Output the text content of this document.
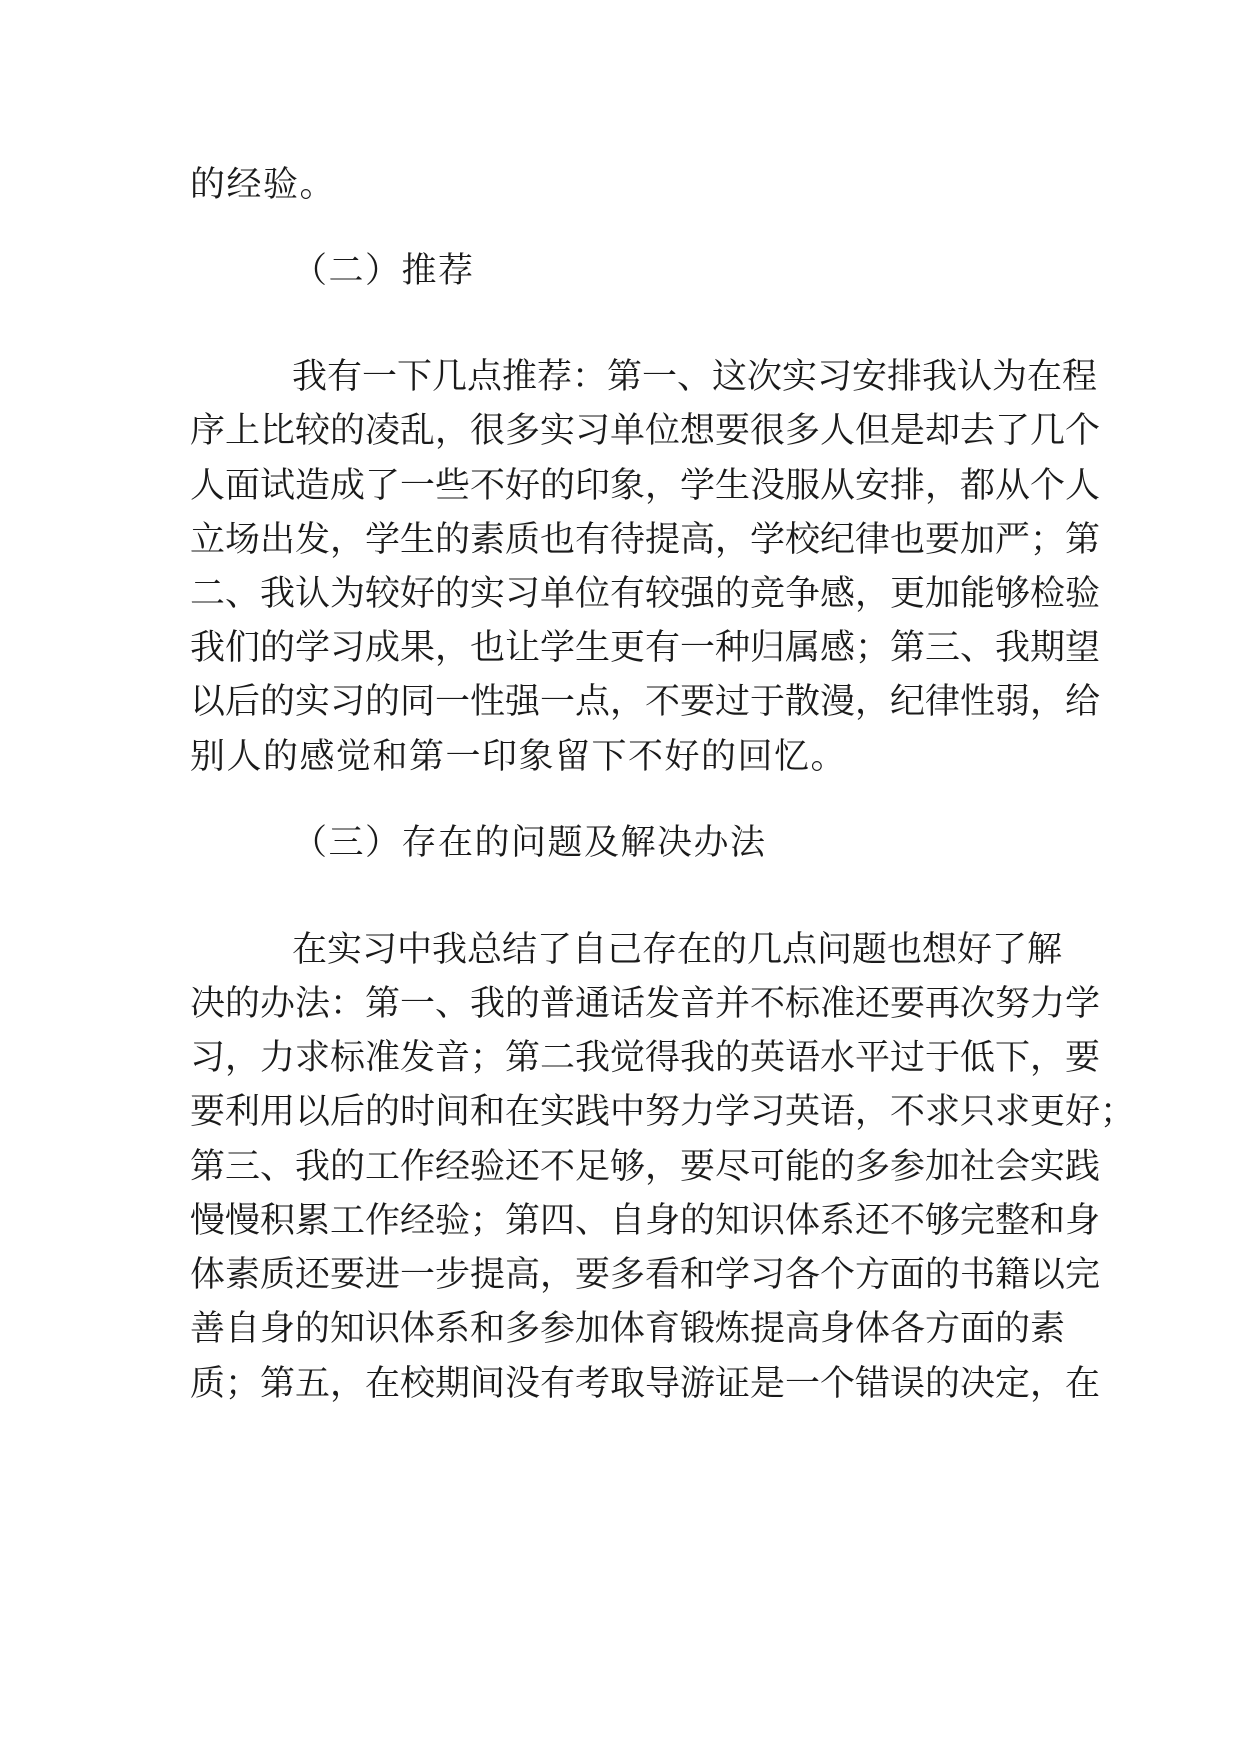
的经验。
（二）推荐
我有一下几点推荐：第一、这次实习安排我认为在程
序上比较的凌乱，很多实习单位想要很多人但是却去了几个
人面试造成了一些不好的印象，学生没服从安排，都从个人
立场出发，学生的素质也有待提高，学校纪律也要加严；第
二、我认为较好的实习单位有较强的竞争感，更加能够检验
我们的学习成果，也让学生更有一种归属感；第三、我期望
以后的实习的同一性强一点，不要过于散漫，纪律性弱，给
别人的感觉和第一印象留下不好的回忆。
（三）存在的问题及解决办法
在实习中我总结了自己存在的几点问题也想好了解
决的办法：第一、我的普通话发音并不标准还要再次努力学
习，力求标准发音；第二我觉得我的英语水平过于低下，要
要利用以后的时间和在实践中努力学习英语，不求只求更好；
第三、我的工作经验还不足够，要尽可能的多参加社会实践
慢慢积累工作经验；第四、自身的知识体系还不够完整和身
体素质还要进一步提高，要多看和学习各个方面的书籍以完
善自身的知识体系和多参加体育锻炼提高身体各方面的素
质；第五，在校期间没有考取导游证是一个错误的决定，在
